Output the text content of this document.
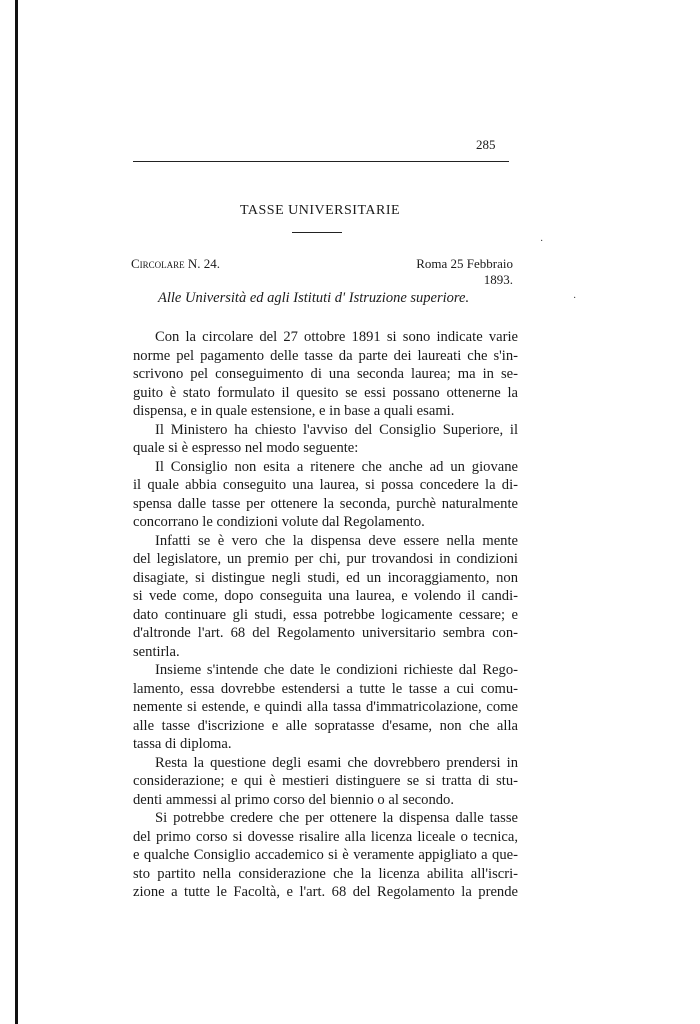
285
TASSE UNIVERSITARIE
Circolare N. 24.	Roma 25 Febbraio 1893.
Alle Università ed agli Istituti d' Istruzione superiore.	·
·
Con la circolare del 27 ottobre 1891 si sono indicate varie
norme pel pagamento delle tasse da parte dei laureati che s'in-
scrivono pel conseguimento di una seconda laurea; ma in se-
guito è stato formulato il quesito se essi possano ottenerne la
dispensa, e in quale estensione, e in base a quali esami.
Il Ministero ha chiesto l'avviso del Consiglio Superiore, il
quale si è espresso nel modo seguente:
Il Consiglio non esita a ritenere che anche ad un giovane
il quale abbia conseguito una laurea, si possa concedere la di-
spensa dalle tasse per ottenere la seconda, purchè naturalmente
concorrano le condizioni volute dal Regolamento.
Infatti se è vero che la dispensa deve essere nella mente
del legislatore, un premio per chi, pur trovandosi in condizioni
disagiate, si distingue negli studi, ed un incoraggiamento, non
si vede come, dopo conseguita una laurea, e volendo il candi-
dato continuare gli studi, essa potrebbe logicamente cessare; e
d'altronde l'art. 68 del Regolamento universitario sembra con-
sentirla.
Insieme s'intende che date le condizioni richieste dal Rego-
lamento, essa dovrebbe estendersi a tutte le tasse a cui comu-
nemente si estende, e quindi alla tassa d'immatricolazione, come
alle tasse d'iscrizione e alle sopratasse d'esame, non che alla
tassa di diploma.
Resta la questione degli esami che dovrebbero prendersi in
considerazione; e qui è mestieri distinguere se si tratta di stu-
denti ammessi al primo corso del biennio o al secondo.
Si potrebbe credere che per ottenere la dispensa dalle tasse
del primo corso si dovesse risalire alla licenza liceale o tecnica,
e qualche Consiglio accademico si è veramente appigliato a que-
sto partito nella considerazione che la licenza abilita all'iscri-
zione a tutte le Facoltà, e l'art. 68 del Regolamento la prende
